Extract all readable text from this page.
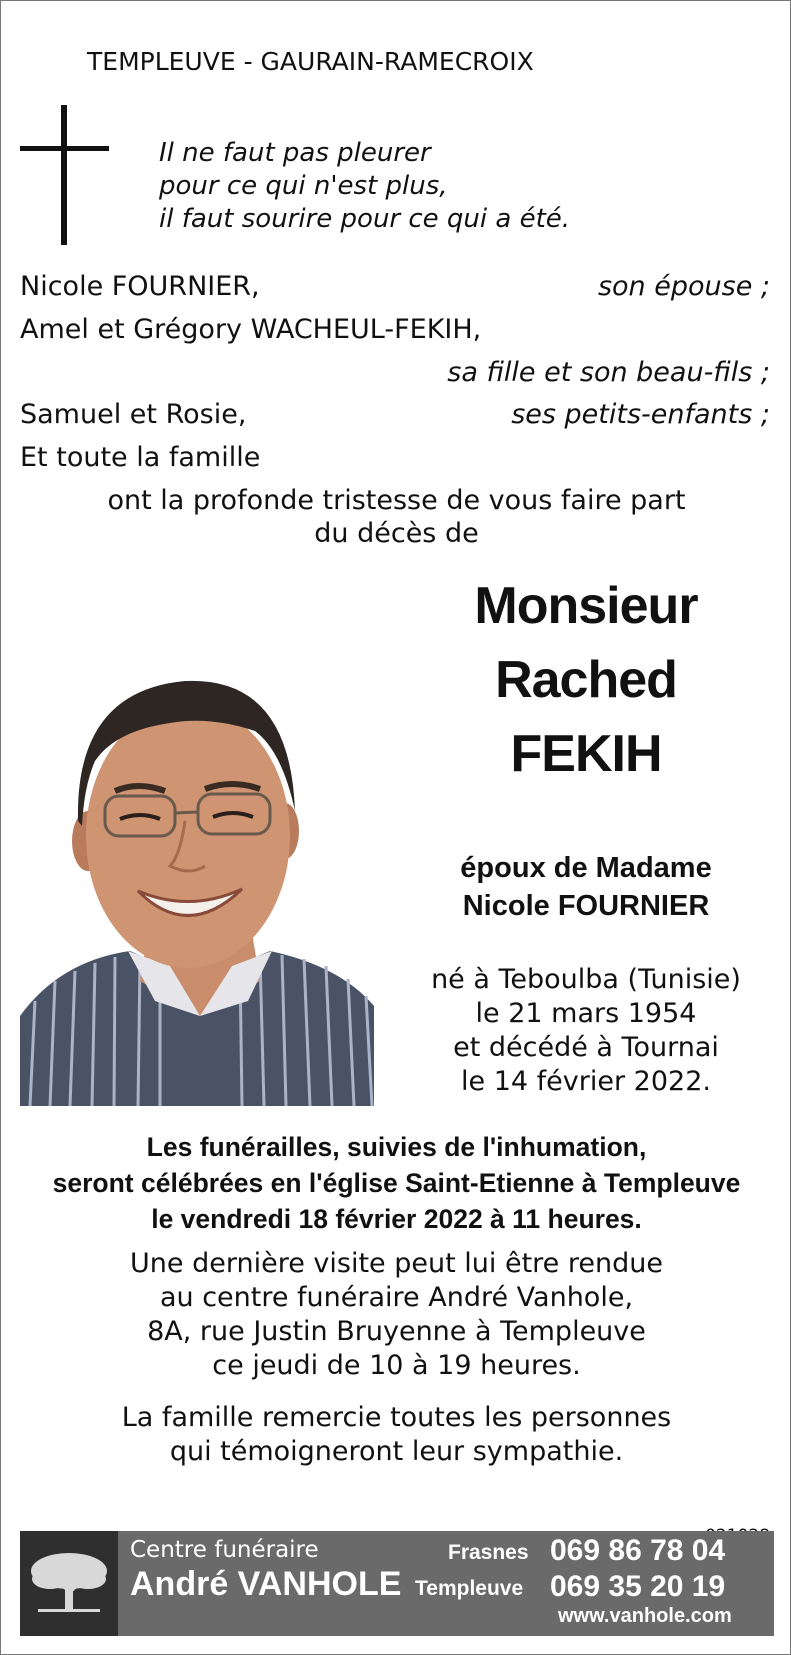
TEMPLEUVE - GAURAIN-RAMECROIX
Il ne faut pas pleurer
pour ce qui n'est plus,
il faut sourire pour ce qui a été.
Nicole FOURNIER,	son épouse ;
Amel et Grégory WACHEUL-FEKIH,
sa fille et son beau-fils ;
Samuel et Rosie,	ses petits-enfants ;
Et toute la famille
ont la profonde tristesse de vous faire part
du décès de
Monsieur
Rached
FEKIH
époux de Madame
Nicole FOURNIER
né à Teboulba (Tunisie)
le 21 mars 1954
et décédé à Tournai
le 14 février 2022.
Les funérailles, suivies de l'inhumation,
seront célébrées en l'église Saint-Etienne à Templeuve
le vendredi 18 février 2022 à 11 heures.
Une dernière visite peut lui être rendue
au centre funéraire André Vanhole,
8A, rue Justin Bruyenne à Templeuve
ce jeudi de 10 à 19 heures.
La famille remercie toutes les personnes
qui témoigneront leur sympathie.
Centre funéraire
André VANHOLE
Frasnes 069 86 78 04
Templeuve 069 35 20 19
www.vanhole.com
